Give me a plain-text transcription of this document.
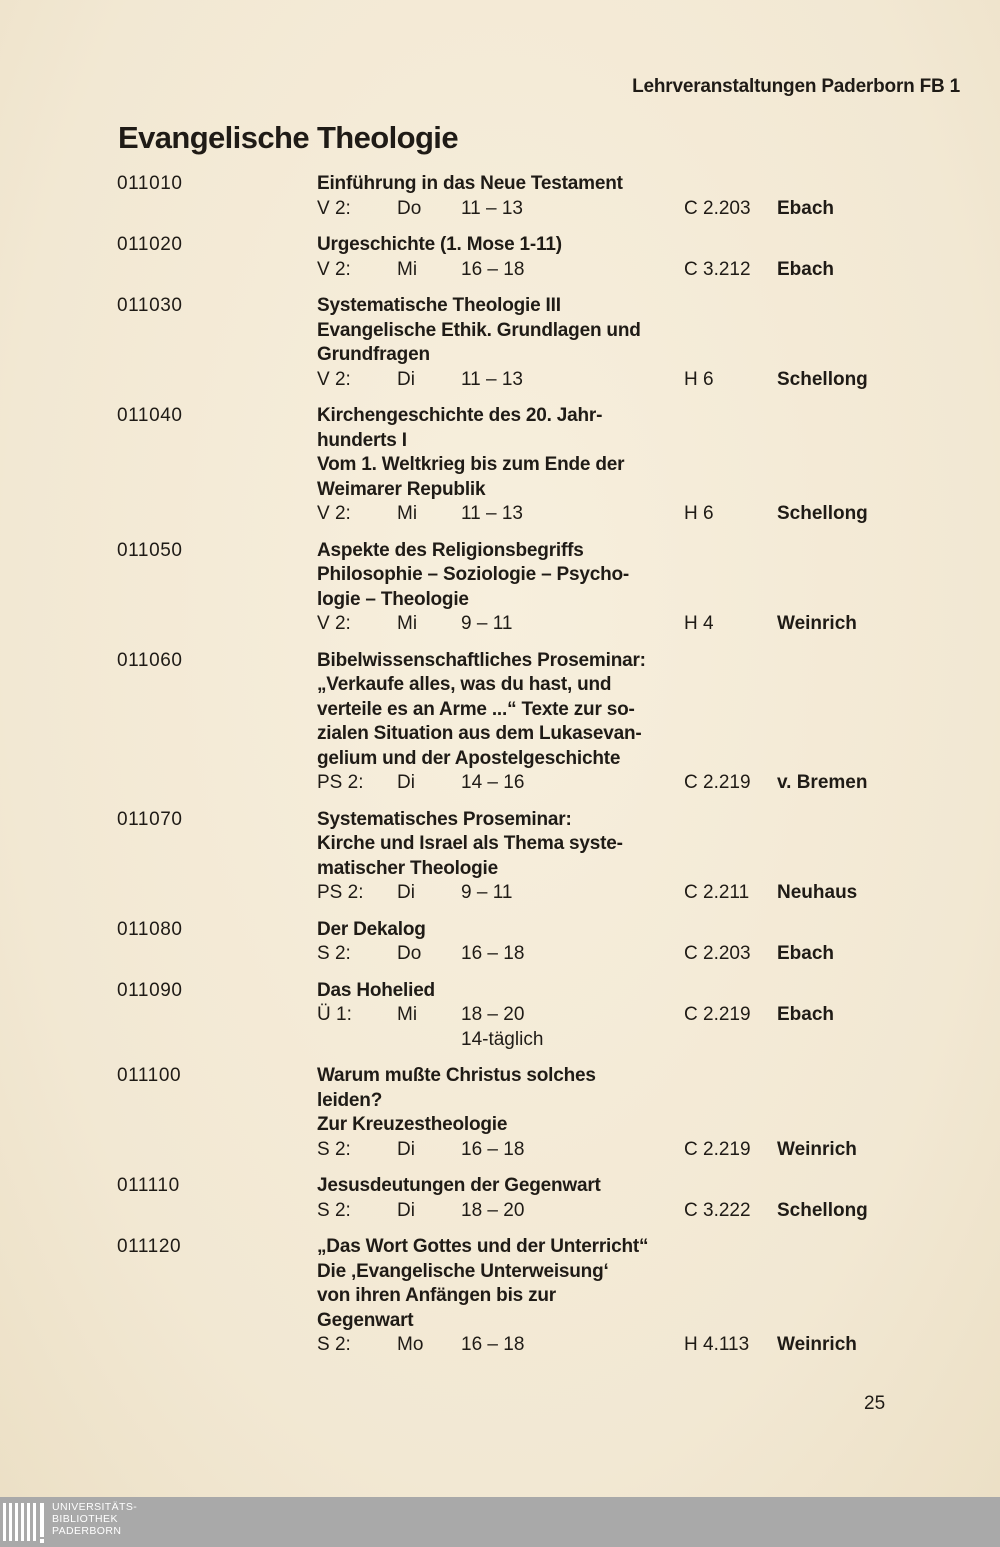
Lehrveranstaltungen Paderborn FB 1
Evangelische Theologie
011010	Einführung in das Neue Testament
V 2: Do 11 – 13	C 2.203 Ebach
011020	Urgeschichte (1. Mose 1-11)
V 2: Mi 16 – 18	C 3.212 Ebach
011030	Systematische Theologie III
Evangelische Ethik. Grundlagen und
Grundfragen
V 2: Di 11 – 13	H 6	Schellong
011040	Kirchengeschichte des 20. Jahr-
hunderts I
Vom 1. Weltkrieg bis zum Ende der
Weimarer Republik
V 2: Mi 11 – 13	H 6	Schellong
011050	Aspekte des Religionsbegriffs
Philosophie – Soziologie – Psycho-
logie – Theologie
V 2: Mi 9 – 11	H 4	Weinrich
011060	Bibelwissenschaftliches Proseminar:
„Verkaufe alles, was du hast, und
verteile es an Arme ...“ Texte zur so-
zialen Situation aus dem Lukasevan-
gelium und der Apostelgeschichte
PS 2: Di 14 – 16	C 2.219 v. Bremen
011070	Systematisches Proseminar:
Kirche und Israel als Thema syste-
matischer Theologie
PS 2: Di 9 – 11	C 2.211 Neuhaus
011080	Der Dekalog
S 2: Do 16 – 18	C 2.203 Ebach
011090	Das Hohelied
Ü 1: Mi 18 – 20	C 2.219 Ebach
14-täglich
011100	Warum mußte Christus solches
leiden?
Zur Kreuzestheologie
S 2: Di 16 – 18	C 2.219 Weinrich
011110	Jesusdeutungen der Gegenwart
S 2: Di 18 – 20	C 3.222 Schellong
011120	„Das Wort Gottes und der Unterricht“
Die ‚Evangelische Unterweisung‘
von ihren Anfängen bis zur
Gegenwart
S 2: Mo 16 – 18	H 4.113 Weinrich
25
UNIVERSITÄTS-
BIBLIOTHEK
PADERBORN
